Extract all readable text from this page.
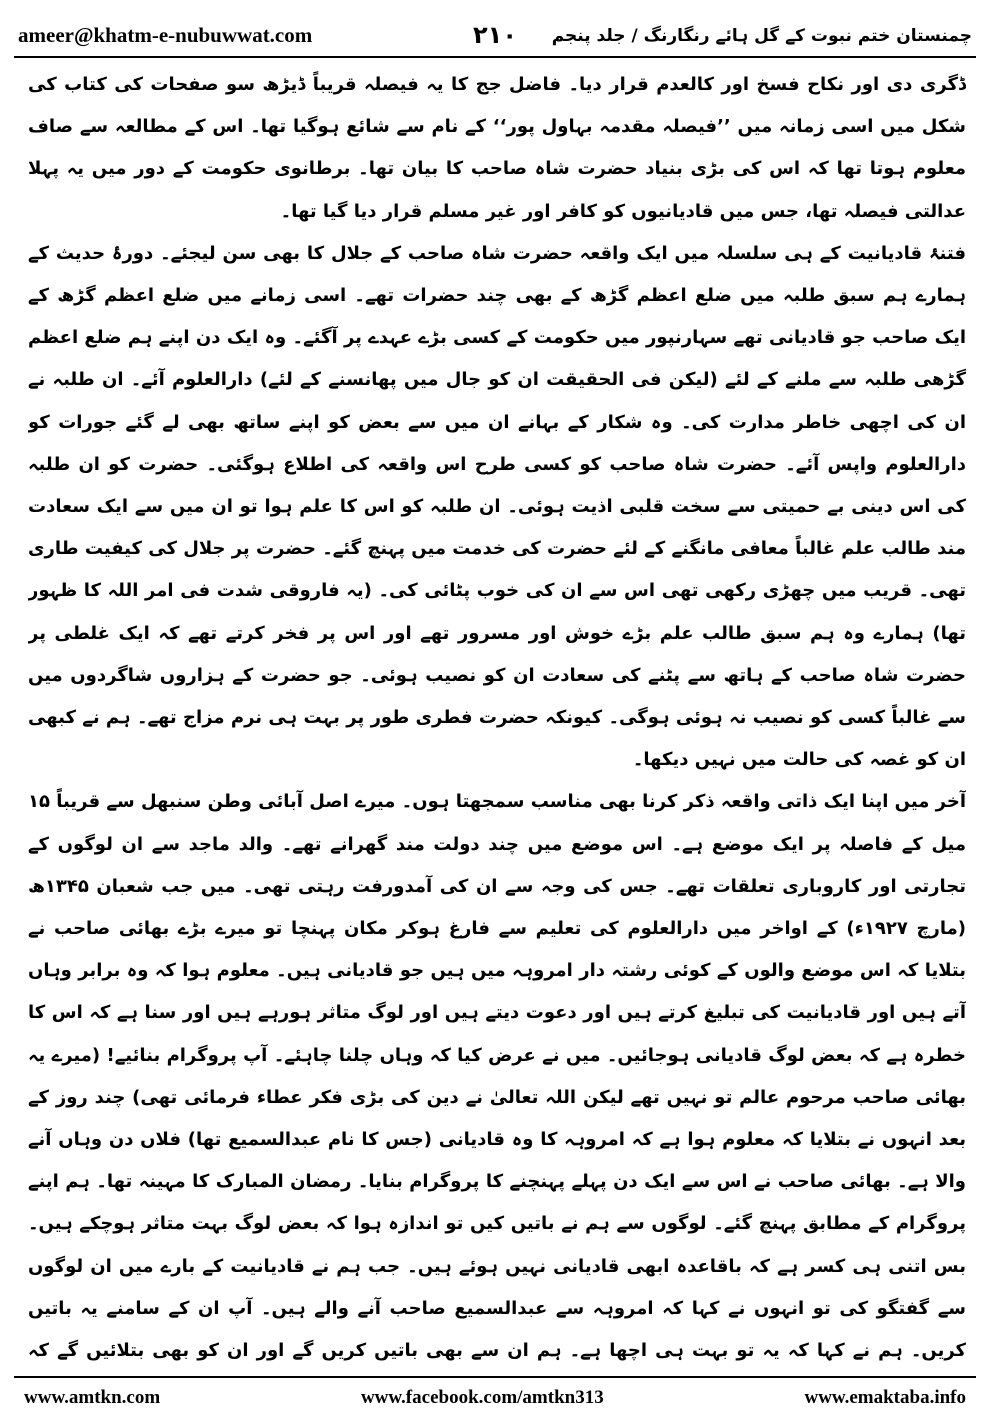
ameer@khatm-e-nubuwwat.com	۲۱۰ چمنستان ختم نبوت کے گل ہائے رنگارنگ / جلد پنجم

ڈگری دی اور نکاح فسخ اور کالعدم قرار دیا۔ فاضل جج کا یہ فیصلہ قریباً ڈیڑھ سو صفحات کی کتاب کی شکل میں اسی زمانہ میں ’’فیصلہ مقدمہ بہاول پور‘‘ کے نام سے شائع ہوگیا تھا۔ اس کے مطالعہ سے صاف معلوم ہوتا تھا کہ اس کی بڑی بنیاد حضرت شاہ صاحب کا بیان تھا۔ برطانوی حکومت کے دور میں یہ پہلا عدالتی فیصلہ تھا، جس میں قادیانیوں کو کافر اور غیر مسلم قرار دیا گیا تھا۔

فتنۂ قادیانیت کے ہی سلسلہ میں ایک واقعہ حضرت شاہ صاحب کے جلال کا بھی سن لیجئے۔ دورۂ حدیث کے ہمارے ہم سبق طلبہ میں ضلع اعظم گڑھ کے بھی چند حضرات تھے۔ اسی زمانے میں ضلع اعظم گڑھ کے ایک صاحب جو قادیانی تھے سہارنپور میں حکومت کے کسی بڑے عہدے پر آگئے۔ وہ ایک دن اپنے ہم ضلع اعظم گڑھی طلبہ سے ملنے کے لئے (لیکن فی الحقیقت ان کو جال میں پھانسنے کے لئے) دارالعلوم آئے۔ ان طلبہ نے ان کی اچھی خاطر مدارت کی۔ وہ شکار کے بہانے ان میں سے بعض کو اپنے ساتھ بھی لے گئے جورات کو دارالعلوم واپس آئے۔ حضرت شاہ صاحب کو کسی طرح اس واقعہ کی اطلاع ہوگئی۔ حضرت کو ان طلبہ کی اس دینی بے حمیتی سے سخت قلبی اذیت ہوئی۔ ان طلبہ کو اس کا علم ہوا تو ان میں سے ایک سعادت مند طالب علم غالباً معافی مانگنے کے لئے حضرت کی خدمت میں پہنچ گئے۔ حضرت پر جلال کی کیفیت طاری تھی۔ قریب میں چھڑی رکھی تھی اس سے ان کی خوب پٹائی کی۔ (یہ فاروقی شدت فی امر اللہ کا ظہور تھا) ہمارے وہ ہم سبق طالب علم بڑے خوش اور مسرور تھے اور اس پر فخر کرتے تھے کہ ایک غلطی پر حضرت شاہ صاحب کے ہاتھ سے پٹنے کی سعادت ان کو نصیب ہوئی۔ جو حضرت کے ہزاروں شاگردوں میں سے غالباً کسی کو نصیب نہ ہوئی ہوگی۔ کیونکہ حضرت فطری طور پر بہت ہی نرم مزاج تھے۔ ہم نے کبھی ان کو غصہ کی حالت میں نہیں دیکھا۔

آخر میں اپنا ایک ذاتی واقعہ ذکر کرنا بھی مناسب سمجھتا ہوں۔ میرے اصل آبائی وطن سنبھل سے قریباً ۱۵ میل کے فاصلہ پر ایک موضع ہے۔ اس موضع میں چند دولت مند گھرانے تھے۔ والد ماجد سے ان لوگوں کے تجارتی اور کاروباری تعلقات تھے۔ جس کی وجہ سے ان کی آمدورفت رہتی تھی۔ میں جب شعبان ۱۳۴۵ھ (مارچ ۱۹۲۷ء) کے اواخر میں دارالعلوم کی تعلیم سے فارغ ہوکر مکان پہنچا تو میرے بڑے بھائی صاحب نے بتلایا کہ اس موضع والوں کے کوئی رشتہ دار امروہہ میں ہیں جو قادیانی ہیں۔ معلوم ہوا کہ وہ برابر وہاں آتے ہیں اور قادیانیت کی تبلیغ کرتے ہیں اور دعوت دیتے ہیں اور لوگ متاثر ہورہے ہیں اور سنا ہے کہ اس کا خطرہ ہے کہ بعض لوگ قادیانی ہوجائیں۔ میں نے عرض کیا کہ وہاں چلنا چاہئے۔ آپ پروگرام بنائیے! (میرے یہ بھائی صاحب مرحوم عالم تو نہیں تھے لیکن اللہ تعالیٰ نے دین کی بڑی فکر عطاء فرمائی تھی) چند روز کے بعد انہوں نے بتلایا کہ معلوم ہوا ہے کہ امروہہ کا وہ قادیانی (جس کا نام عبدالسمیع تھا) فلاں دن وہاں آنے والا ہے۔ بھائی صاحب نے اس سے ایک دن پہلے پہنچنے کا پروگرام بنایا۔ رمضان المبارک کا مہینہ تھا۔ ہم اپنے پروگرام کے مطابق پہنچ گئے۔ لوگوں سے ہم نے باتیں کیں تو اندازہ ہوا کہ بعض لوگ بہت متاثر ہوچکے ہیں۔ بس اتنی ہی کسر ہے کہ باقاعدہ ابھی قادیانی نہیں ہوئے ہیں۔ جب ہم نے قادیانیت کے بارے میں ان لوگوں سے گفتگو کی تو انہوں نے کہا کہ امروہہ سے عبدالسمیع صاحب آنے والے ہیں۔ آپ ان کے سامنے یہ باتیں کریں۔ ہم نے کہا کہ یہ تو بہت ہی اچھا ہے۔ ہم ان سے بھی باتیں کریں گے اور ان کو بھی بتلائیں گے کہ

www.amtkn.com	www.facebook.com/amtkn313	www.emaktaba.info
